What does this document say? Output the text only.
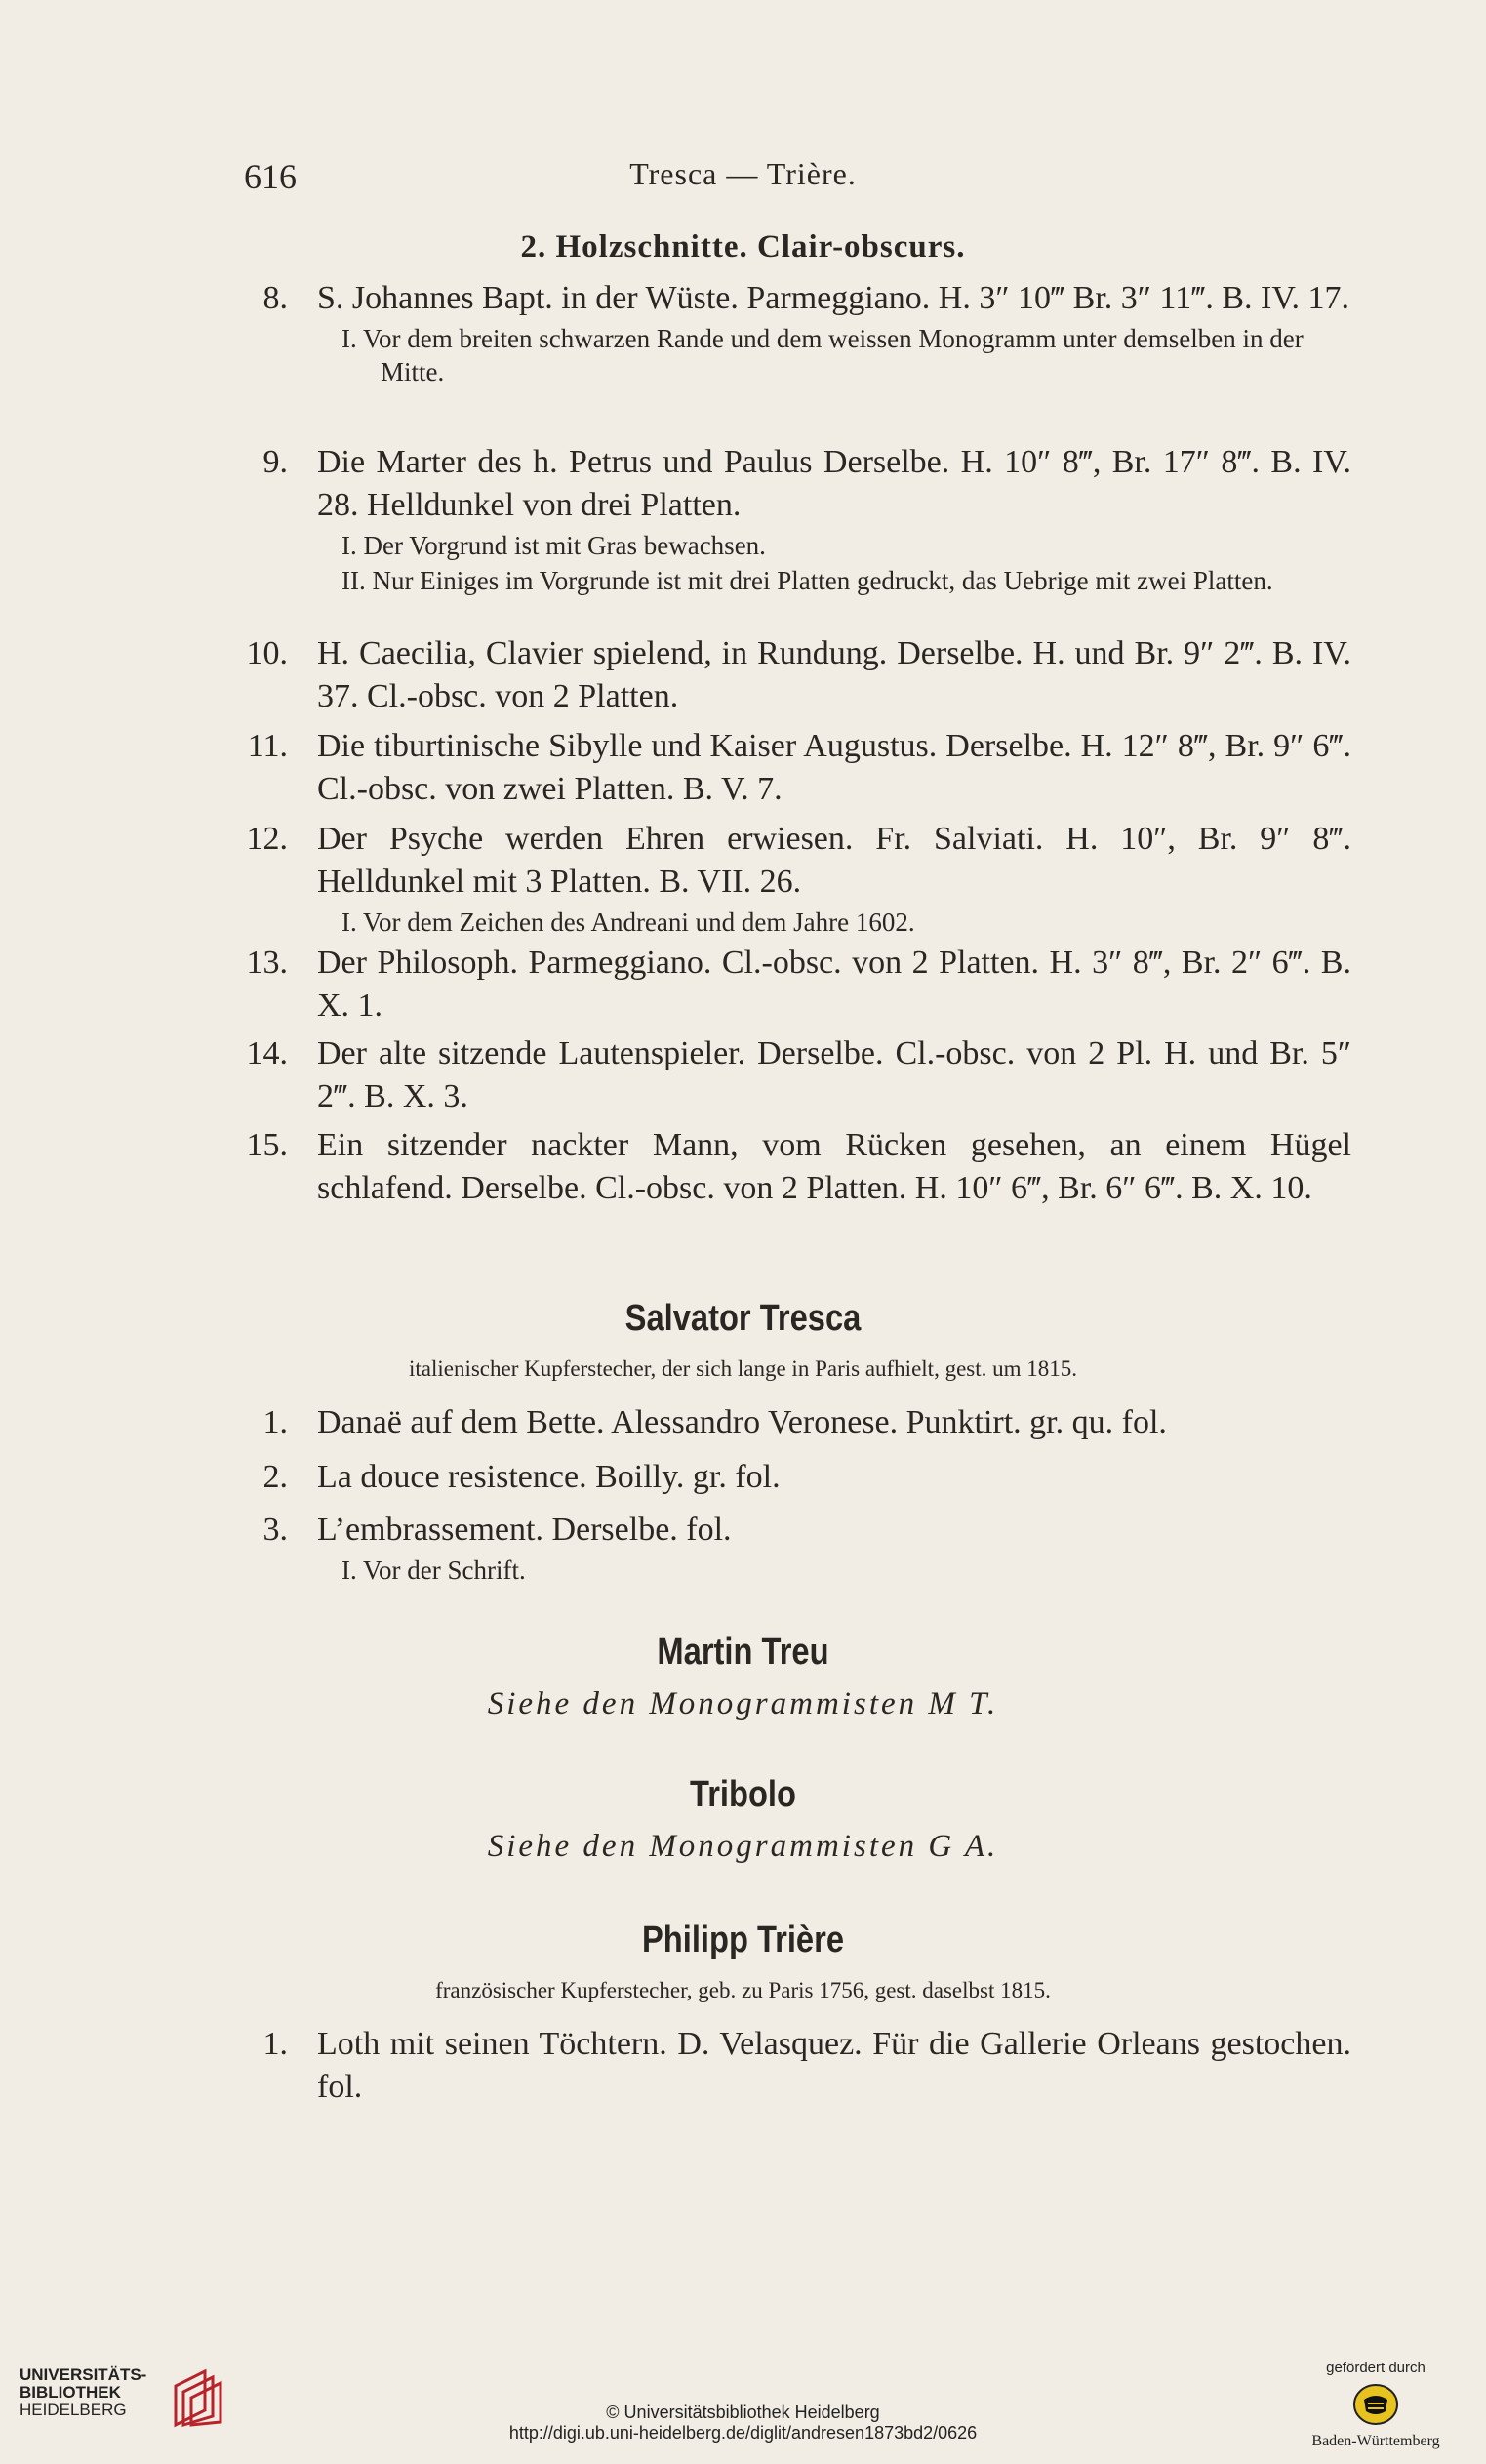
616	Tresca — Trière.
2. Holzschnitte. Clair-obscurs.
8. S. Johannes Bapt. in der Wüste. Parmeggiano. H. 3″ 10‴ Br. 3″ 11‴. B. IV. 17.
I. Vor dem breiten schwarzen Rande und dem weissen Monogramm unter demselben in der Mitte.
9. Die Marter des h. Petrus und Paulus Derselbe. H. 10″ 8‴, Br. 17″ 8‴. B. IV. 28. Helldunkel von drei Platten.
I. Der Vorgrund ist mit Gras bewachsen.
II. Nur Einiges im Vorgrunde ist mit drei Platten gedruckt, das Uebrige mit zwei Platten.
10. H. Caecilia, Clavier spielend, in Rundung. Derselbe. H. und Br. 9″ 2‴. B. IV. 37. Cl.-obsc. von 2 Platten.
11. Die tiburtinische Sibylle und Kaiser Augustus. Derselbe. H. 12″ 8‴, Br. 9″ 6‴. Cl.-obsc. von zwei Platten. B. V. 7.
12. Der Psyche werden Ehren erwiesen. Fr. Salviati. H. 10″, Br. 9″ 8‴. Helldunkel mit 3 Platten. B. VII. 26.
I. Vor dem Zeichen des Andreani und dem Jahre 1602.
13. Der Philosoph. Parmeggiano. Cl.-obsc. von 2 Platten. H. 3″ 8‴, Br. 2″ 6‴. B. X. 1.
14. Der alte sitzende Lautenspieler. Derselbe. Cl.-obsc. von 2 Pl. H. und Br. 5″ 2‴. B. X. 3.
15. Ein sitzender nackter Mann, vom Rücken gesehen, an einem Hügel schlafend. Derselbe. Cl.-obsc. von 2 Platten. H. 10″ 6‴, Br. 6″ 6‴. B. X. 10.
Salvator Tresca
italienischer Kupferstecher, der sich lange in Paris aufhielt, gest. um 1815.
1. Danaë auf dem Bette. Alessandro Veronese. Punktirt. gr. qu. fol.
2. La douce resistence. Boilly. gr. fol.
3. L’embrassement. Derselbe. fol.
I. Vor der Schrift.
Martin Treu
Siehe den Monogrammisten M T.
Tribolo
Siehe den Monogrammisten G A.
Philipp Trière
französischer Kupferstecher, geb. zu Paris 1756, gest. daselbst 1815.
1. Loth mit seinen Töchtern. D. Velasquez. Für die Gallerie Orleans gestochen. fol.
UNIVERSITÄTS-
BIBLIOTHEK
HEIDELBERG	© Universitätsbibliothek Heidelberg
http://digi.ub.uni-heidelberg.de/diglit/andresen1873bd2/0626
gefördert durch
Baden-Württemberg
